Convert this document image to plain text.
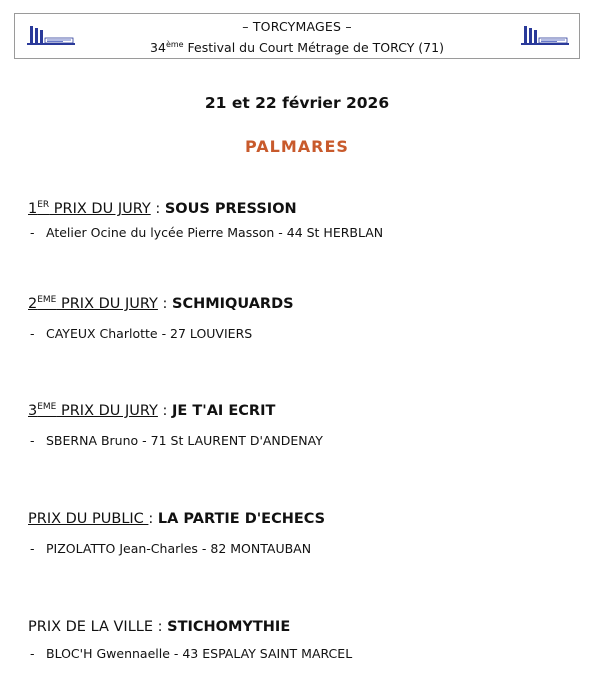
– TORCYMAGES –
34ème Festival du Court Métrage de TORCY (71)
21 et 22 février 2026
PALMARES
1ER PRIX DU JURY : SOUS PRESSION
- Atelier Ocine du lycée Pierre Masson - 44 St HERBLAN
2EME PRIX DU JURY : SCHMIQUARDS
- CAYEUX Charlotte - 27 LOUVIERS
3EME PRIX DU JURY : JE T'AI ECRIT
- SBERNA Bruno - 71 St LAURENT D'ANDENAY
PRIX DU PUBLIC : LA PARTIE D'ECHECS
- PIZOLATTO Jean-Charles - 82 MONTAUBAN
PRIX DE LA VILLE : STICHOMYTHIE
- BLOC'H Gwennaelle - 43 ESPALAY SAINT MARCEL
